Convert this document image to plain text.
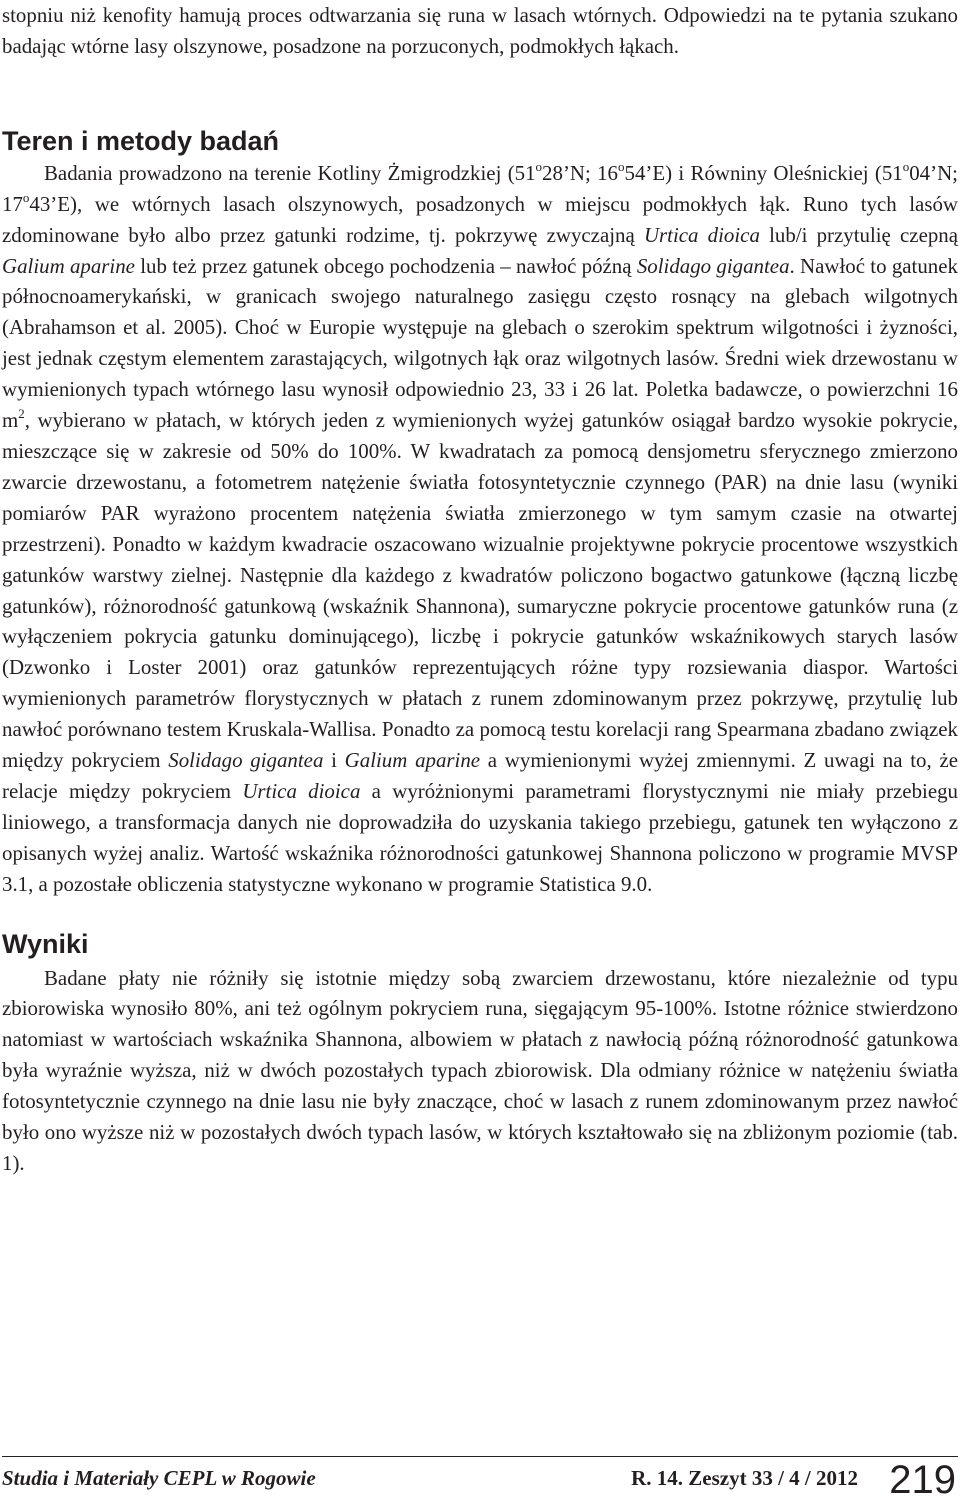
stopniu niż kenofity hamują proces odtwarzania się runa w lasach wtórnych. Odpowiedzi na te pytania szukano badając wtórne lasy olszynowe, posadzone na porzuconych, podmokłych łąkach.

Teren i metody badań

Badania prowadzono na terenie Kotliny Żmigrodzkiej (51$^o$28’N; 16$^o$54’E) i Równiny Oleśnickiej (51$^o$04’N; 17$^o$43’E), we wtórnych lasach olszynowych, posadzonych w miejscu podmokłych łąk. Runo tych lasów zdominowane było albo przez gatunki rodzime, tj. pokrzywę zwyczajną Urtica dioica lub/i przytulię czepną Galium aparine lub też przez gatunek obcego pochodzenia – nawłoć późną Solidago gigantea. Nawłoć to gatunek północnoamerykański, w granicach swojego naturalnego zasięgu często rosnący na glebach wilgotnych (Abrahamson et al. 2005). Choć w Europie występuje na glebach o szerokim spektrum wilgotności i żyzności, jest jednak częstym elementem zarastających, wilgotnych łąk oraz wilgotnych lasów. Średni wiek drzewostanu w wymienionych typach wtórnego lasu wynosił odpowiednio 23, 33 i 26 lat. Poletka badawcze, o powierzchni 16 $m^2$, wybierano w płatach, w których jeden z wymienionych wyżej gatunków osiągał bardzo wysokie pokrycie, mieszczące się w zakresie od 50% do 100%. W kwadratach za pomocą densjometru sferycznego zmierzono zwarcie drzewostanu, a fotometrem natężenie światła fotosyntetycznie czynnego (PAR) na dnie lasu (wyniki pomiarów PAR wyrażono procentem natężenia światła zmierzonego w tym samym czasie na otwartej przestrzeni). Ponadto w każdym kwadracie oszacowano wizualnie projektywne pokrycie procentowe wszystkich gatunków warstwy zielnej. Następnie dla każdego z kwadratów policzono bogactwo gatunkowe (łączną liczbę gatunków), różnorodność gatunkową (wskaźnik Shannona), sumaryczne pokrycie procentowe gatunków runa (z wyłączeniem pokrycia gatunku dominującego), liczbę i pokrycie gatunków wskaźnikowych starych lasów (Dzwonko i Loster 2001) oraz gatunków reprezentujących różne typy rozsiewania diaspor. Wartości wymienionych parametrów florystycznych w płatach z runem zdominowanym przez pokrzywę, przytulię lub nawłoć porównano testem Kruskala-Wallisa. Ponadto za pomocą testu korelacji rang Spearmana zbadano związek między pokryciem Solidago gigantea i Galium aparine a wymienionymi wyżej zmiennymi. Z uwagi na to, że relacje między pokryciem Urtica dioica a wyróżnionymi parametrami florystycznymi nie miały przebiegu liniowego, a transformacja danych nie doprowadziła do uzyskania takiego przebiegu, gatunek ten wyłączono z opisanych wyżej analiz. Wartość wskaźnika różnorodności gatunkowej Shannona policzono w programie MVSP 3.1, a pozostałe obliczenia statystyczne wykonano w programie Statistica 9.0.

Wyniki

Badane płaty nie różniły się istotnie między sobą zwarciem drzewostanu, które niezależnie od typu zbiorowiska wynosiło 80%, ani też ogólnym pokryciem runa, sięgającym 95-100%. Istotne różnice stwierdzono natomiast w wartościach wskaźnika Shannona, albowiem w płatach z nawłocią późną różnorodność gatunkowa była wyraźnie wyższa, niż w dwóch pozostałych typach zbiorowisk. Dla odmiany różnice w natężeniu światła fotosyntetycznie czynnego na dnie lasu nie były znaczące, choć w lasach z runem zdominowanym przez nawłoć było ono wyższe niż w pozostałych dwóch typach lasów, w których kształtowało się na zbliżonym poziomie (tab. 1).

Studia i Materiały CEPL w Rogowie	R. 14. Zeszyt 33 / 4 / 2012 219
